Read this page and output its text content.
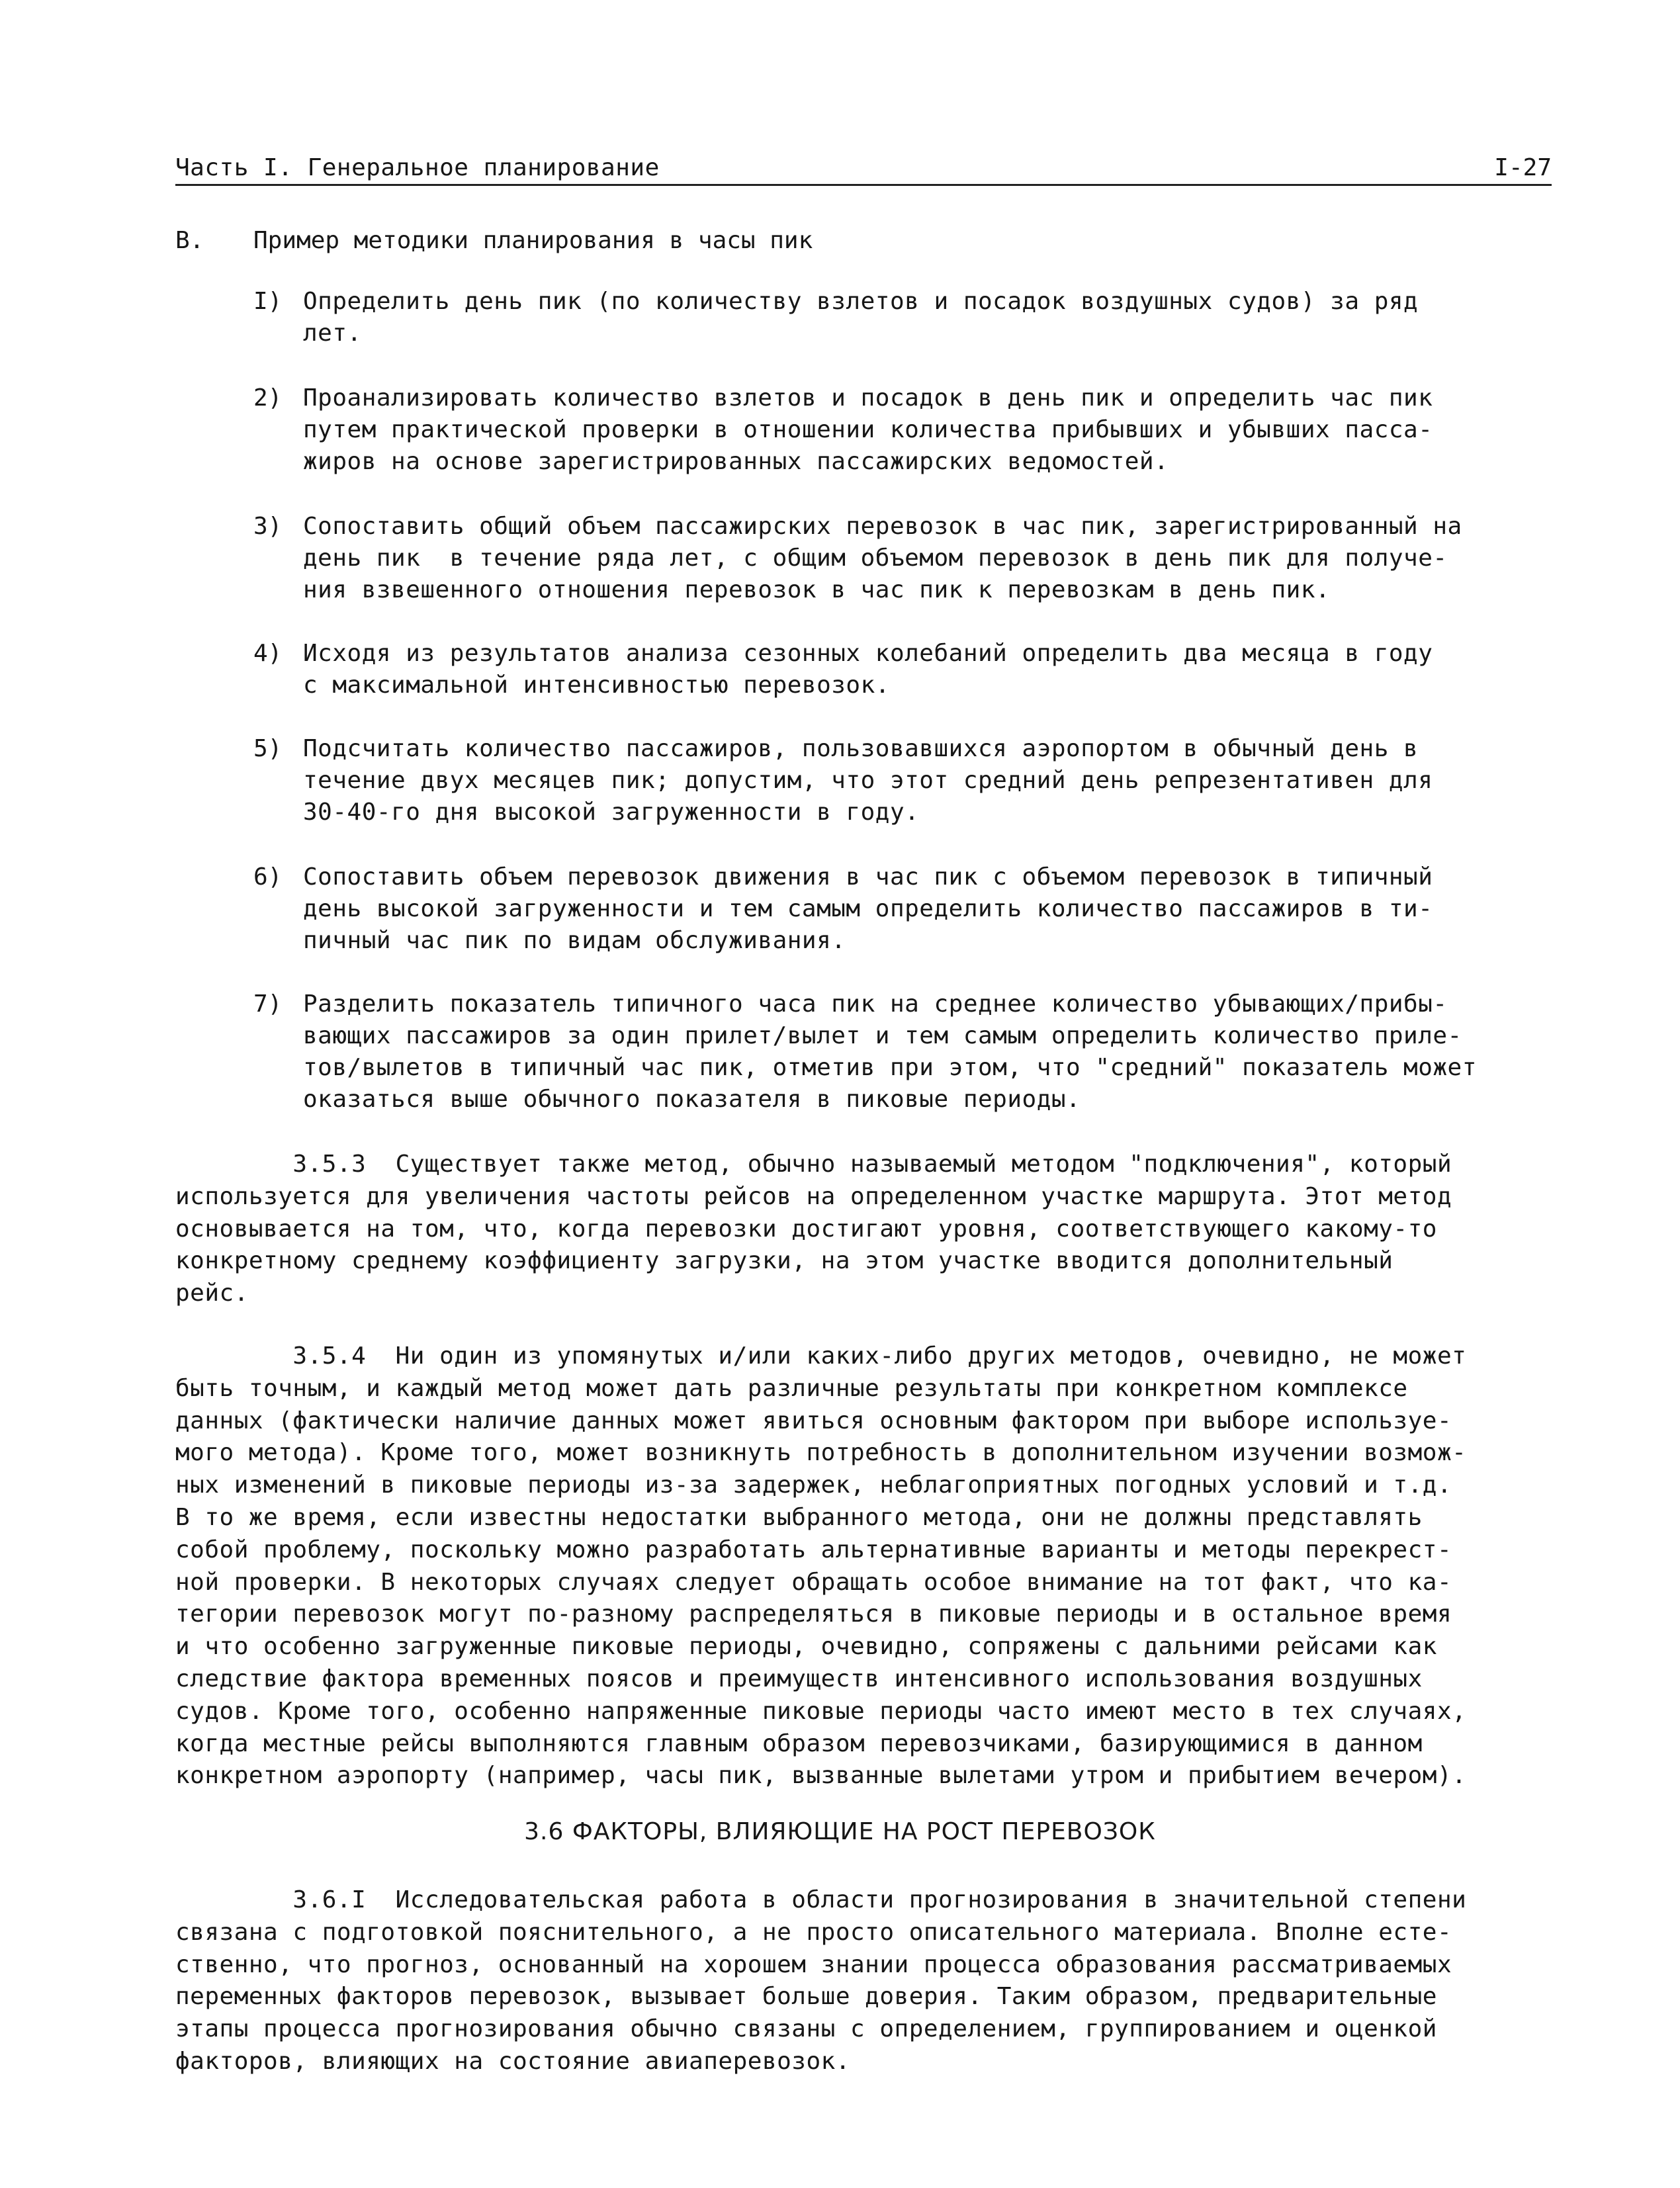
Часть I. Генеральное планирование	I-27
B. Пример методики планирования в часы пик
I) Определить день пик (по количеству взлетов и посадок воздушных судов) за ряд
лет.
2) Проанализировать количество взлетов и посадок в день пик и определить час пик
путем практической проверки в отношении количества прибывших и убывших пасса-
жиров на основе зарегистрированных пассажирских ведомостей.
3) Сопоставить общий объем пассажирских перевозок в час пик, зарегистрированный на
день пик  в течение ряда лет, с общим объемом перевозок в день пик для получе-
ния взвешенного отношения перевозок в час пик к перевозкам в день пик.
4) Исходя из результатов анализа сезонных колебаний определить два месяца в году
с максимальной интенсивностью перевозок.
5) Подсчитать количество пассажиров, пользовавшихся аэропортом в обычный день в
течение двух месяцев пик; допустим, что этот средний день репрезентативен для
30-40-го дня высокой загруженности в году.
6) Сопоставить объем перевозок движения в час пик с объемом перевозок в типичный
день высокой загруженности и тем самым определить количество пассажиров в ти-
пичный час пик по видам обслуживания.
7) Разделить показатель типичного часа пик на среднее количество убывающих/прибы-
вающих пассажиров за один прилет/вылет и тем самым определить количество приле-
тов/вылетов в типичный час пик, отметив при этом, что "средний" показатель может
оказаться выше обычного показателя в пиковые периоды.
3.5.3  Существует также метод, обычно называемый методом "подключения", который
используется для увеличения частоты рейсов на определенном участке маршрута. Этот метод
основывается на том, что, когда перевозки достигают уровня, соответствующего какому-то
конкретному среднему коэффициенту загрузки, на этом участке вводится дополнительный
рейс.
3.5.4  Ни один из упомянутых и/или каких-либо других методов, очевидно, не может
быть точным, и каждый метод может дать различные результаты при конкретном комплексе
данных (фактически наличие данных может явиться основным фактором при выборе используе-
мого метода). Кроме того, может возникнуть потребность в дополнительном изучении возмож-
ных изменений в пиковые периоды из-за задержек, неблагоприятных погодных условий и т.д.
В то же время, если известны недостатки выбранного метода, они не должны представлять
собой проблему, поскольку можно разработать альтернативные варианты и методы перекрест-
ной проверки. В некоторых случаях следует обращать особое внимание на тот факт, что ка-
тегории перевозок могут по-разному распределяться в пиковые периоды и в остальное время
и что особенно загруженные пиковые периоды, очевидно, сопряжены с дальними рейсами как
следствие фактора временных поясов и преимуществ интенсивного использования воздушных
судов. Кроме того, особенно напряженные пиковые периоды часто имеют место в тех случаях,
когда местные рейсы выполняются главным образом перевозчиками, базирующимися в данном
конкретном аэропорту (например, часы пик, вызванные вылетами утром и прибытием вечером).
3.6 ФАКТОРЫ, ВЛИЯЮЩИЕ НА РОСТ ПЕРЕВОЗОК
3.6.I  Исследовательская работа в области прогнозирования в значительной степени
связана с подготовкой пояснительного, а не просто описательного материала. Вполне есте-
ственно, что прогноз, основанный на хорошем знании процесса образования рассматриваемых
переменных факторов перевозок, вызывает больше доверия. Таким образом, предварительные
этапы процесса прогнозирования обычно связаны с определением, группированием и оценкой
факторов, влияющих на состояние авиаперевозок.
